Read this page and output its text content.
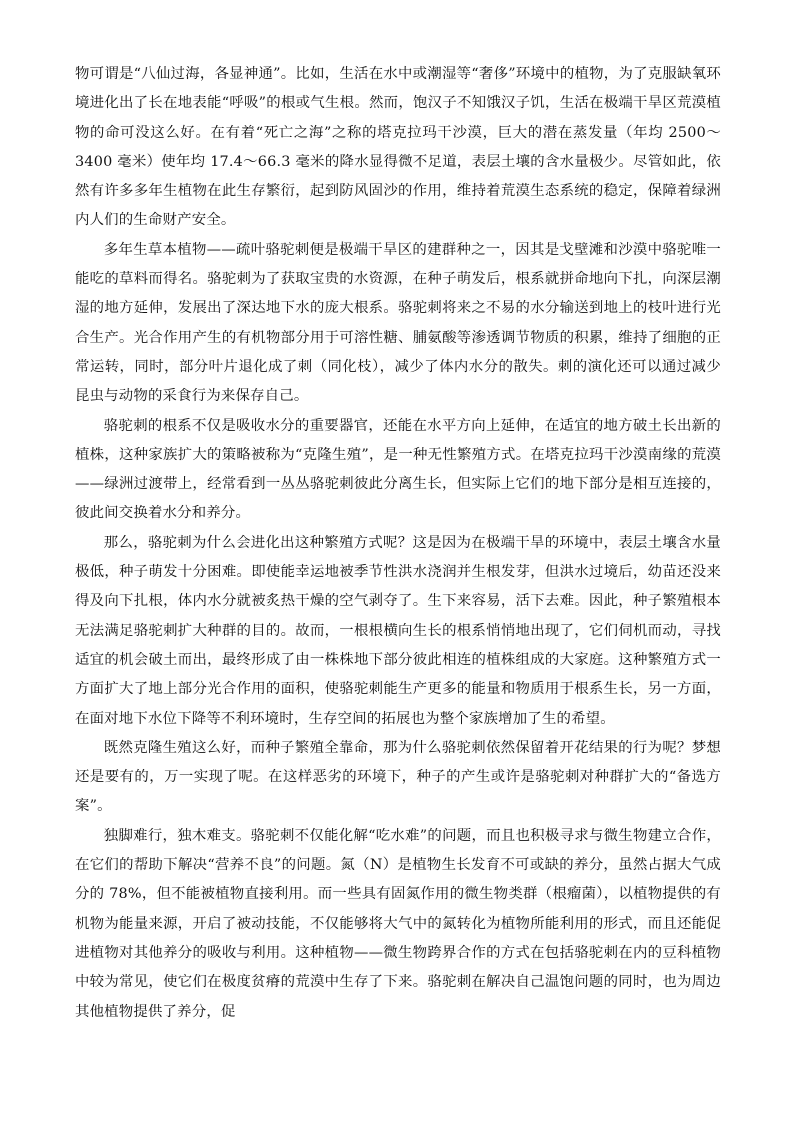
物可谓是“八仙过海，各显神通”。比如，生活在水中或潮湿等“奢侈”环境中的植物，为了克服缺氧环境进化出了长在地表能“呼吸”的根或气生根。然而，饱汉子不知饿汉子饥，生活在极端干旱区荒漠植物的命可没这么好。在有着“死亡之海”之称的塔克拉玛干沙漠，巨大的潜在蒸发量（年均 2500～3400 毫米）使年均 17.4～66.3 毫米的降水显得微不足道，表层土壤的含水量极少。尽管如此，依然有许多多年生植物在此生存繁衍，起到防风固沙的作用，维持着荒漠生态系统的稳定，保障着绿洲内人们的生命财产安全。

多年生草本植物——疏叶骆驼刺便是极端干旱区的建群种之一，因其是戈壁滩和沙漠中骆驼唯一能吃的草料而得名。骆驼刺为了获取宝贵的水资源，在种子萌发后，根系就拼命地向下扎，向深层潮湿的地方延伸，发展出了深达地下水的庞大根系。骆驼刺将来之不易的水分输送到地上的枝叶进行光合生产。光合作用产生的有机物部分用于可溶性糖、脯氨酸等渗透调节物质的积累，维持了细胞的正常运转，同时，部分叶片退化成了刺（同化枝），减少了体内水分的散失。刺的演化还可以通过减少昆虫与动物的采食行为来保存自己。

骆驼刺的根系不仅是吸收水分的重要器官，还能在水平方向上延伸，在适宜的地方破土长出新的植株，这种家族扩大的策略被称为“克隆生殖”，是一种无性繁殖方式。在塔克拉玛干沙漠南缘的荒漠——绿洲过渡带上，经常看到一丛丛骆驼刺彼此分离生长，但实际上它们的地下部分是相互连接的，彼此间交换着水分和养分。

那么，骆驼刺为什么会进化出这种繁殖方式呢？这是因为在极端干旱的环境中，表层土壤含水量极低，种子萌发十分困难。即使能幸运地被季节性洪水浇润并生根发芽，但洪水过境后，幼苗还没来得及向下扎根，体内水分就被炙热干燥的空气剥夺了。生下来容易，活下去难。因此，种子繁殖根本无法满足骆驼刺扩大种群的目的。故而，一根根横向生长的根系悄悄地出现了，它们伺机而动，寻找适宜的机会破土而出，最终形成了由一株株地下部分彼此相连的植株组成的大家庭。这种繁殖方式一方面扩大了地上部分光合作用的面积，使骆驼刺能生产更多的能量和物质用于根系生长，另一方面，在面对地下水位下降等不利环境时，生存空间的拓展也为整个家族增加了生的希望。

既然克隆生殖这么好，而种子繁殖全靠命，那为什么骆驼刺依然保留着开花结果的行为呢？梦想还是要有的，万一实现了呢。在这样恶劣的环境下，种子的产生或许是骆驼刺对种群扩大的“备选方案”。

独脚难行，独木难支。骆驼刺不仅能化解“吃水难”的问题，而且也积极寻求与微生物建立合作，在它们的帮助下解决“营养不良”的问题。氮（N）是植物生长发育不可或缺的养分，虽然占据大气成分的 78%，但不能被植物直接利用。而一些具有固氮作用的微生物类群（根瘤菌），以植物提供的有机物为能量来源，开启了被动技能，不仅能够将大气中的氮转化为植物所能利用的形式，而且还能促进植物对其他养分的吸收与利用。这种植物——微生物跨界合作的方式在包括骆驼刺在内的豆科植物中较为常见，使它们在极度贫瘠的荒漠中生存了下来。骆驼刺在解决自己温饱问题的同时，也为周边其他植物提供了养分，促
